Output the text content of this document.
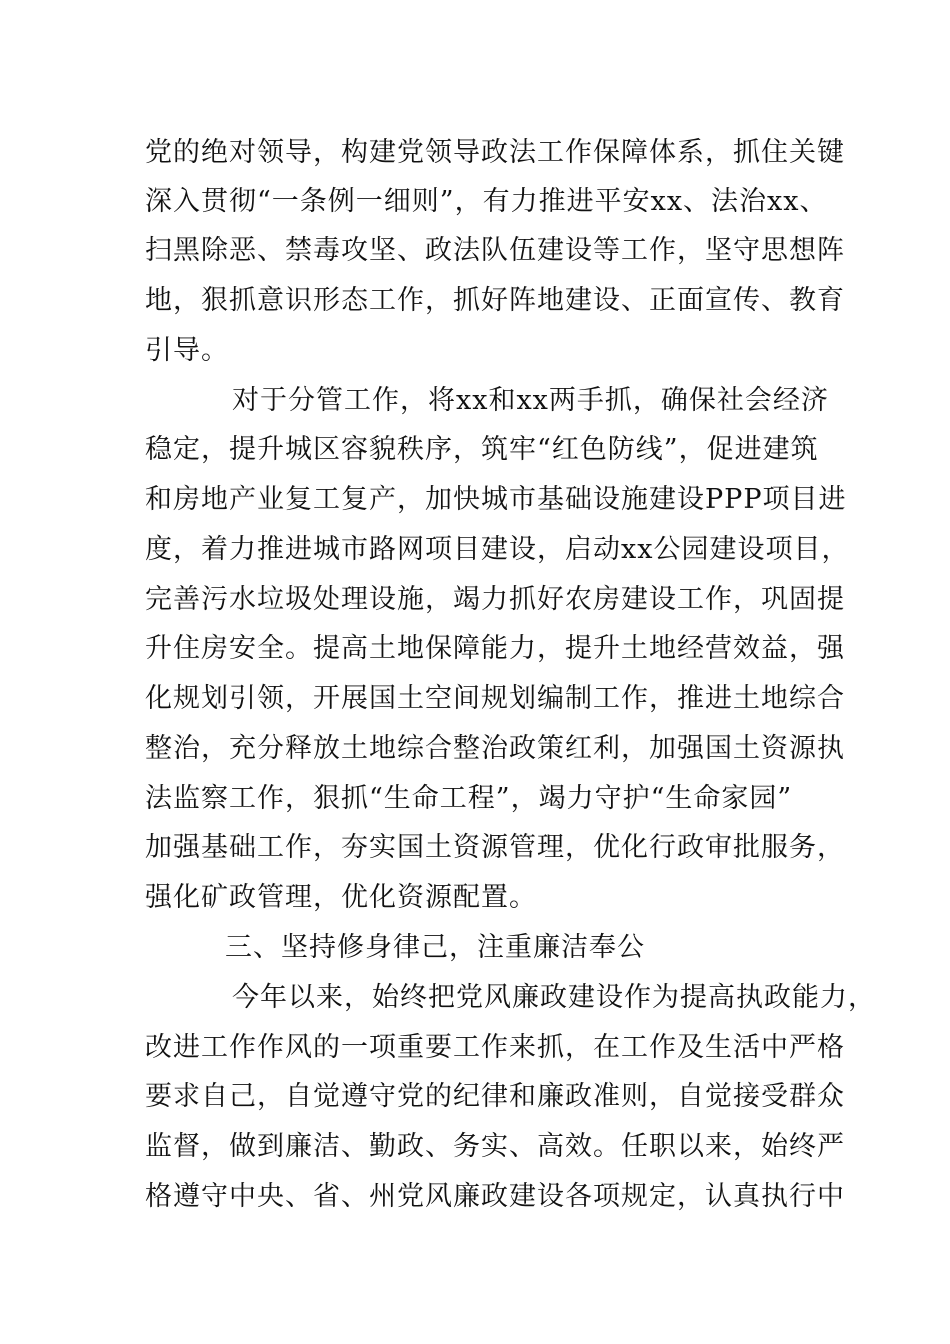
党的绝对领导，构建党领导政法工作保障体系，抓住关键
深入贯彻“一条例一细则”，有力推进平安xx、法治xx、
扫黑除恶、禁毒攻坚、政法队伍建设等工作，坚守思想阵
地，狠抓意识形态工作，抓好阵地建设、正面宣传、教育
引导。
对于分管工作，将xx和xx两手抓，确保社会经济
稳定，提升城区容貌秩序，筑牢“红色防线”，促进建筑
和房地产业复工复产，加快城市基础设施建设PPP项目进
度，着力推进城市路网项目建设，启动xx公园建设项目，
完善污水垃圾处理设施，竭力抓好农房建设工作，巩固提
升住房安全。提高土地保障能力，提升土地经营效益，强
化规划引领，开展国土空间规划编制工作，推进土地综合
整治，充分释放土地综合整治政策红利，加强国土资源执
法监察工作，狠抓“生命工程”，竭力守护“生命家园”
加强基础工作，夯实国土资源管理，优化行政审批服务，
强化矿政管理，优化资源配置。
三、坚持修身律己，注重廉洁奉公
今年以来，始终把党风廉政建设作为提高执政能力，
改进工作作风的一项重要工作来抓，在工作及生活中严格
要求自己，自觉遵守党的纪律和廉政准则，自觉接受群众
监督，做到廉洁、勤政、务实、高效。任职以来，始终严
格遵守中央、省、州党风廉政建设各项规定，认真执行中
